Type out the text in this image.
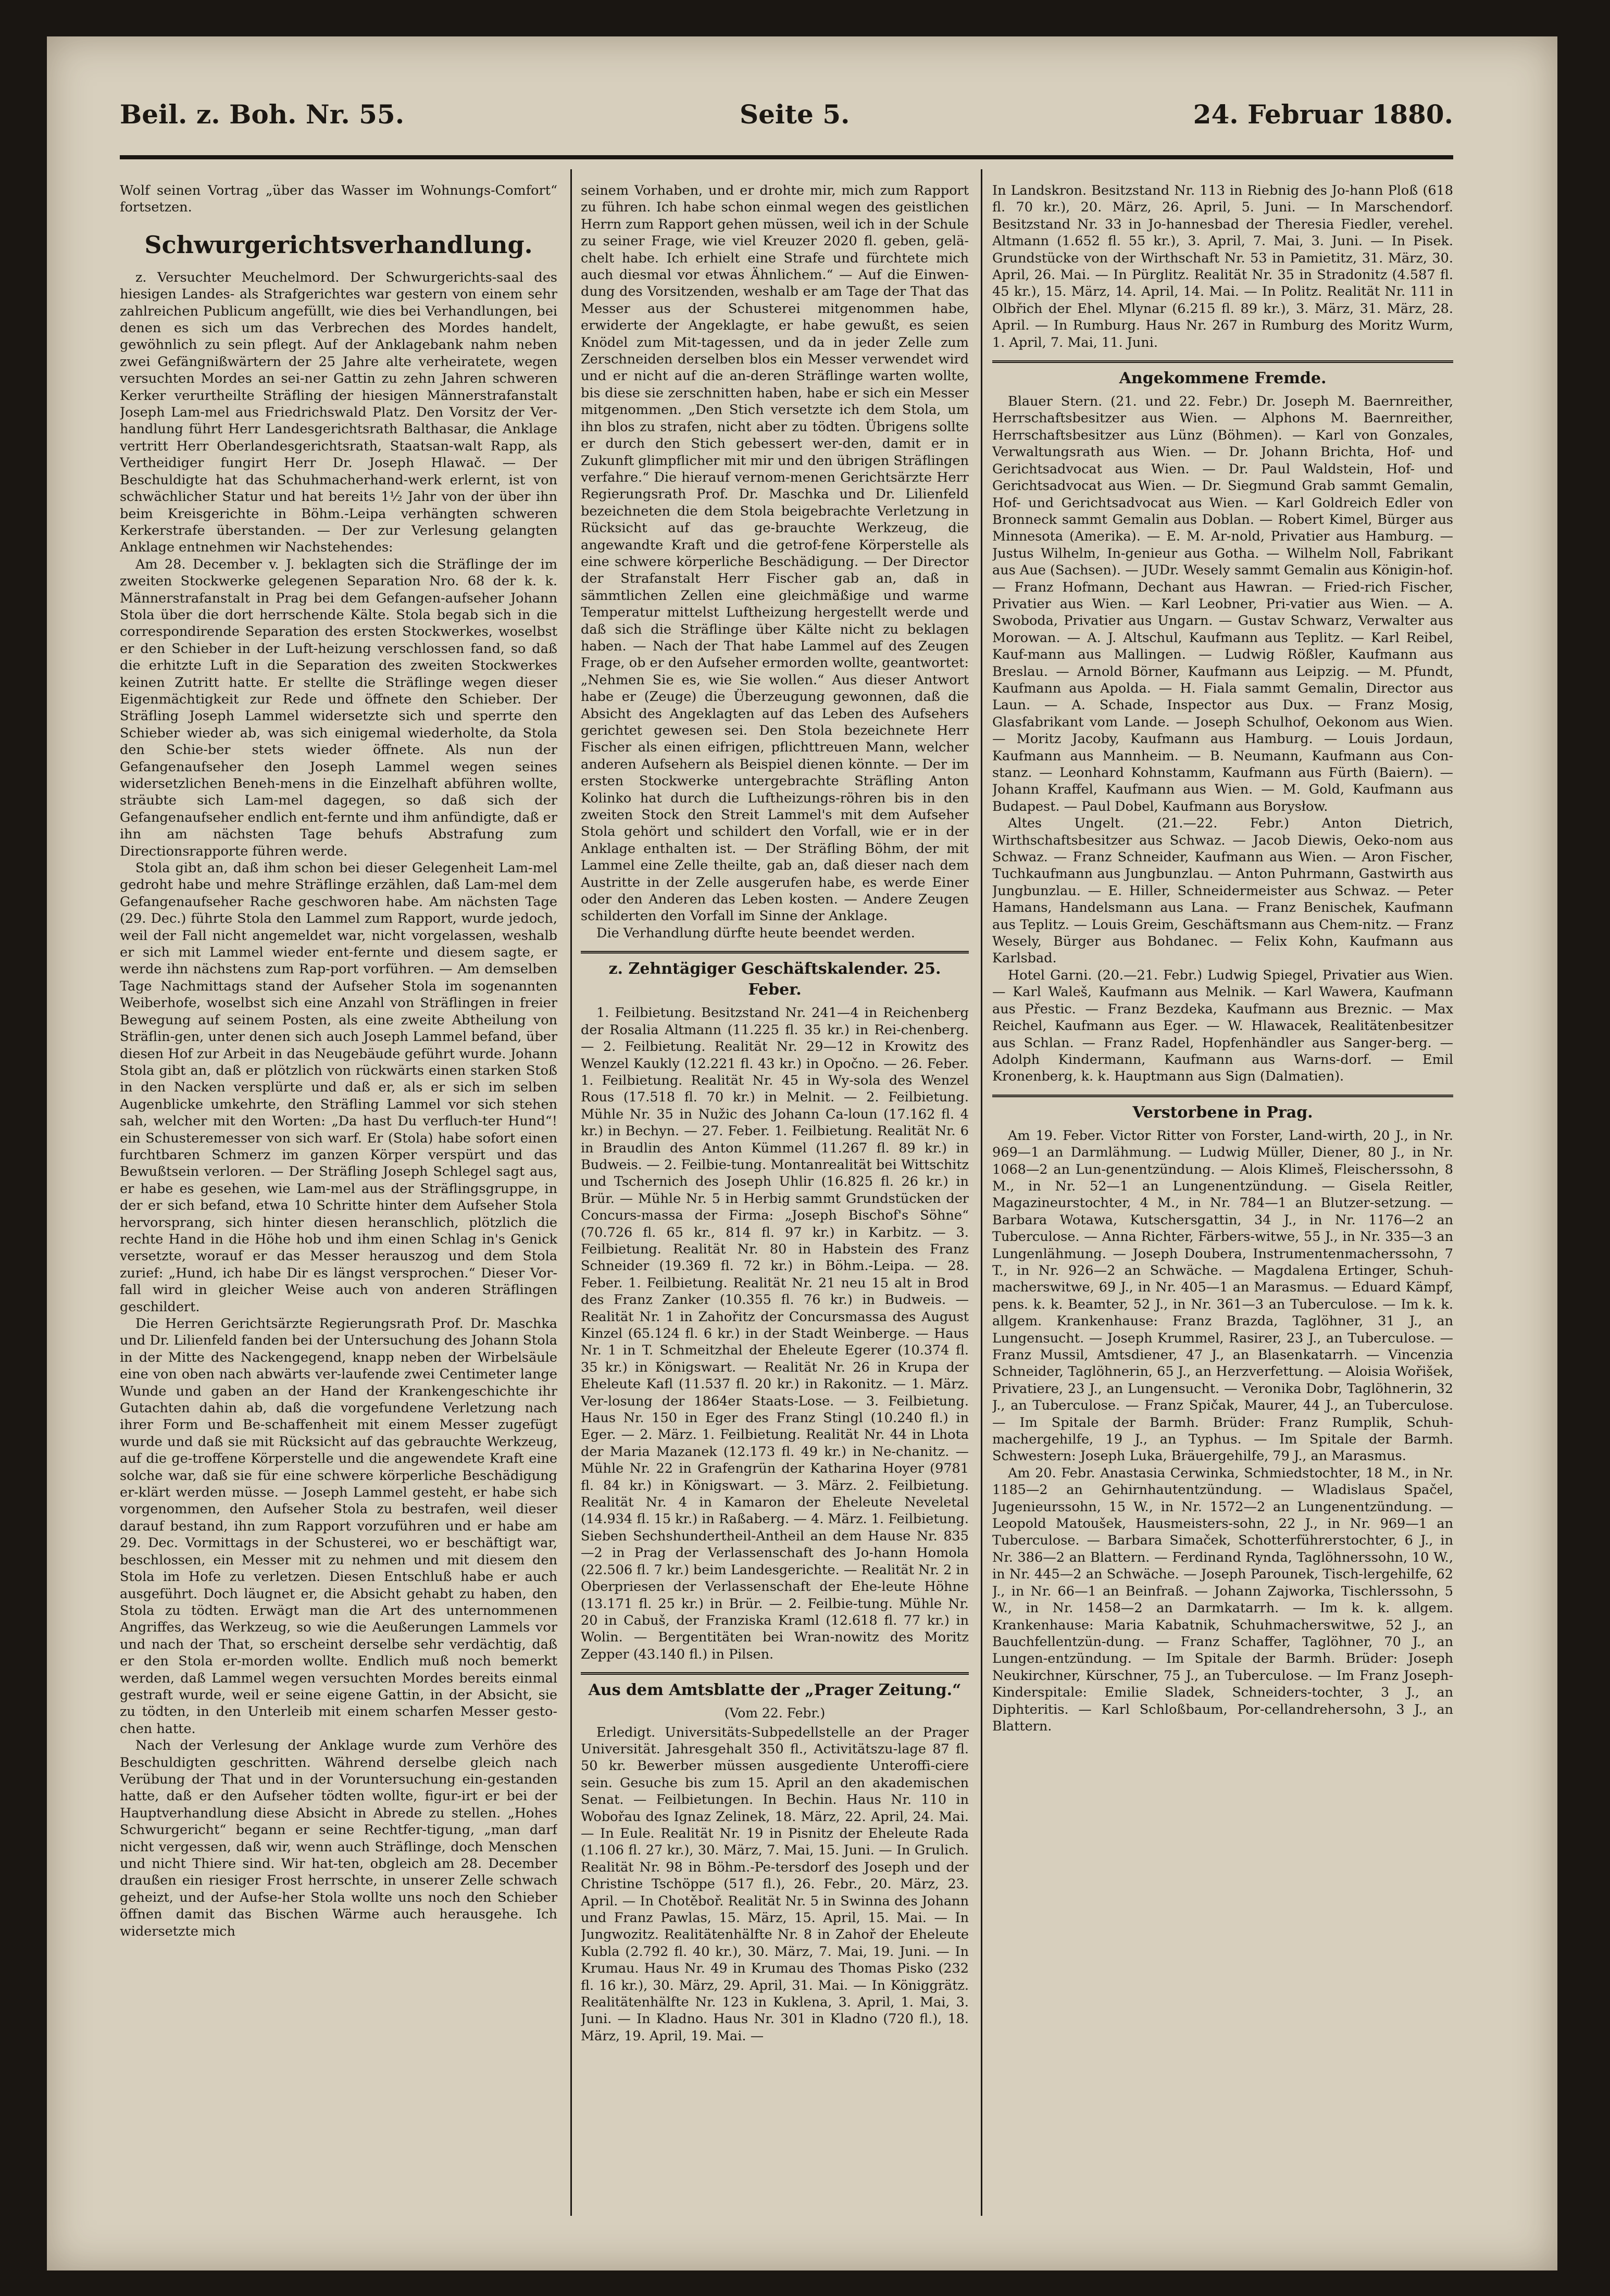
Beil. z. Boh. Nr. 55.	Seite 5.	24. Februar 1880.

Wolf seinen Vortrag „über das Wasser im Wohnungs-Comfort“ fortsetzen.

Schwurgerichtsverhandlung.

z. Versuchter Meuchelmord. Der Schwurgerichts-saal des hiesigen Landes- als Strafgerichtes war gestern von einem sehr zahlreichen Publicum angefüllt, wie dies bei Verhandlungen, bei denen es sich um das Verbrechen des Mordes handelt, gewöhnlich zu sein pflegt. Auf der Anklagebank nahm neben zwei Gefängnißwärtern der 25 Jahre alte verheiratete, wegen versuchten Mordes an sei-ner Gattin zu zehn Jahren schweren Kerker verurtheilte Sträfling der hiesigen Männerstrafanstalt Joseph Lam-mel aus Friedrichswald Platz. Den Vorsitz der Ver-handlung führt Herr Landesgerichtsrath Balthasar, die Anklage vertritt Herr Oberlandesgerichtsrath, Staatsan-walt Rapp, als Vertheidiger fungirt Herr Dr. Joseph Hlawač. — Der Beschuldigte hat das Schuhmacherhand-werk erlernt, ist von schwächlicher Statur und hat bereits 1½ Jahr von der über ihn beim Kreisgerichte in Böhm.-Leipa verhängten schweren Kerkerstrafe überstanden. — Der zur Verlesung gelangten Anklage entnehmen wir Nachstehendes:

Am 28. December v. J. beklagten sich die Sträflinge der im zweiten Stockwerke gelegenen Separation Nro. 68 der k. k. Männerstrafanstalt in Prag bei dem Gefangen-aufseher Johann Stola über die dort herrschende Kälte. Stola begab sich in die correspondirende Separation des ersten Stockwerkes, woselbst er den Schieber in der Luft-heizung verschlossen fand, so daß die erhitzte Luft in die Separation des zweiten Stockwerkes keinen Zutritt hatte. Er stellte die Sträflinge wegen dieser Eigenmächtigkeit zur Rede und öffnete den Schieber. Der Sträfling Joseph Lammel widersetzte sich und sperrte den Schieber wieder ab, was sich einigemal wiederholte, da Stola den Schie-ber stets wieder öffnete. Als nun der Gefangenaufseher den Joseph Lammel wegen seines widersetzlichen Beneh-mens in die Einzelhaft abführen wollte, sträubte sich Lam-mel dagegen, so daß sich der Gefangenaufseher endlich ent-fernte und ihm anfündigte, daß er ihn am nächsten Tage behufs Abstrafung zum Directionsrapporte führen werde.

Stola gibt an, daß ihm schon bei dieser Gelegenheit Lam-mel gedroht habe und mehre Sträflinge erzählen, daß Lam-mel dem Gefangenaufseher Rache geschworen habe. Am nächsten Tage (29. Dec.) führte Stola den Lammel zum Rapport, wurde jedoch, weil der Fall nicht angemeldet war, nicht vorgelassen, weshalb er sich mit Lammel wieder ent-fernte und diesem sagte, er werde ihn nächstens zum Rap-port vorführen. — Am demselben Tage Nachmittags stand der Aufseher Stola im sogenannten Weiberhofe, woselbst sich eine Anzahl von Sträflingen in freier Bewegung auf seinem Posten, als eine zweite Abtheilung von Sträflin-gen, unter denen sich auch Joseph Lammel befand, über diesen Hof zur Arbeit in das Neugebäude geführt wurde. Johann Stola gibt an, daß er plötzlich von rückwärts einen starken Stoß in den Nacken versplürte und daß er, als er sich im selben Augenblicke umkehrte, den Sträfling Lammel vor sich stehen sah, welcher mit den Worten: „Da hast Du verfluch-ter Hund“! ein Schusteremesser von sich warf. Er (Stola) habe sofort einen furchtbaren Schmerz im ganzen Körper verspürt und das Bewußtsein verloren. — Der Sträfling Joseph Schlegel sagt aus, er habe es gesehen, wie Lam-mel aus der Sträflingsgruppe, in der er sich befand, etwa 10 Schritte hinter dem Aufseher Stola hervorsprang, sich hinter diesen heranschlich, plötzlich die rechte Hand in die Höhe hob und ihm einen Schlag in's Genick versetzte, worauf er das Messer herauszog und dem Stola zurief: „Hund, ich habe Dir es längst versprochen.“ Dieser Vor-fall wird in gleicher Weise auch von anderen Sträflingen geschildert.

Die Herren Gerichtsärzte Regierungsrath Prof. Dr. Maschka und Dr. Lilienfeld fanden bei der Untersuchung des Johann Stola in der Mitte des Nackengegend, knapp neben der Wirbelsäule eine von oben nach abwärts ver-laufende zwei Centimeter lange Wunde und gaben an der Hand der Krankengeschichte ihr Gutachten dahin ab, daß die vorgefundene Verletzung nach ihrer Form und Be-schaffenheit mit einem Messer zugefügt wurde und daß sie mit Rücksicht auf das gebrauchte Werkzeug, auf die ge-troffene Körperstelle und die angewendete Kraft eine solche war, daß sie für eine schwere körperliche Beschädigung er-klärt werden müsse. — Joseph Lammel gesteht, er habe sich vorgenommen, den Aufseher Stola zu bestrafen, weil dieser darauf bestand, ihn zum Rapport vorzuführen und er habe am 29. Dec. Vormittags in der Schusterei, wo er beschäftigt war, beschlossen, ein Messer mit zu nehmen und mit diesem den Stola im Hofe zu verletzen. Diesen Entschluß habe er auch ausgeführt. Doch läugnet er, die Absicht gehabt zu haben, den Stola zu tödten. Erwägt man die Art des unternommenen Angriffes, das Werkzeug, so wie die Aeußerungen Lammels vor und nach der That, so erscheint derselbe sehr verdächtig, daß er den Stola er-morden wollte. Endlich muß noch bemerkt werden, daß Lammel wegen versuchten Mordes bereits einmal gestraft wurde, weil er seine eigene Gattin, in der Absicht, sie zu tödten, in den Unterleib mit einem scharfen Messer gesto-chen hatte.

Nach der Verlesung der Anklage wurde zum Verhöre des Beschuldigten geschritten. Während derselbe gleich nach Verübung der That und in der Voruntersuchung ein-gestanden hatte, daß er den Aufseher tödten wollte, figur-irt er bei der Hauptverhandlung diese Absicht in Abrede zu stellen. „Hohes Schwurgericht“ begann er seine Rechtfer-tigung, „man darf nicht vergessen, daß wir, wenn auch Sträflinge, doch Menschen und nicht Thiere sind. Wir hat-ten, obgleich am 28. December draußen ein riesiger Frost herrschte, in unserer Zelle schwach geheizt, und der Aufse-her Stola wollte uns noch den Schieber öffnen damit das Bischen Wärme auch herausgehe. Ich widersetzte mich

seinem Vorhaben, und er drohte mir, mich zum Rapport zu führen. Ich habe schon einmal wegen des geistlichen Herrn zum Rapport gehen müssen, weil ich in der Schule zu seiner Frage, wie viel Kreuzer 2020 fl. geben, gelä-chelt habe. Ich erhielt eine Strafe und fürchtete mich auch diesmal vor etwas Ähnlichem.“ — Auf die Einwen-dung des Vorsitzenden, weshalb er am Tage der That das Messer aus der Schusterei mitgenommen habe, erwiderte der Angeklagte, er habe gewußt, es seien Knödel zum Mit-tagessen, und da in jeder Zelle zum Zerschneiden derselben blos ein Messer verwendet wird und er nicht auf die an-deren Sträflinge warten wollte, bis diese sie zerschnitten haben, habe er sich ein Messer mitgenommen. „Den Stich versetzte ich dem Stola, um ihn blos zu strafen, nicht aber zu tödten. Übrigens sollte er durch den Stich gebessert wer-den, damit er in Zukunft glimpflicher mit mir und den übrigen Sträflingen verfahre.“ Die hierauf vernom-menen Gerichtsärzte Herr Regierungsrath Prof. Dr. Maschka und Dr. Lilienfeld bezeichneten die dem Stola beigebrachte Verletzung in Rücksicht auf das ge-brauchte Werkzeug, die angewandte Kraft und die getrof-fene Körperstelle als eine schwere körperliche Beschädigung. — Der Director der Strafanstalt Herr Fischer gab an, daß in sämmtlichen Zellen eine gleichmäßige und warme Temperatur mittelst Luftheizung hergestellt werde und daß sich die Sträflinge über Kälte nicht zu beklagen haben. — Nach der That habe Lammel auf des Zeugen Frage, ob er den Aufseher ermorden wollte, geantwortet: „Nehmen Sie es, wie Sie wollen.“ Aus dieser Antwort habe er (Zeuge) die Überzeugung gewonnen, daß die Absicht des Angeklagten auf das Leben des Aufsehers gerichtet gewesen sei. Den Stola bezeichnete Herr Fischer als einen eifrigen, pflichttreuen Mann, welcher anderen Aufsehern als Beispiel dienen könnte. — Der im ersten Stockwerke untergebrachte Sträfling Anton Kolinko hat durch die Luftheizungs-röhren bis in den zweiten Stock den Streit Lammel's mit dem Aufseher Stola gehört und schildert den Vorfall, wie er in der Anklage enthalten ist. — Der Sträfling Böhm, der mit Lammel eine Zelle theilte, gab an, daß dieser nach dem Austritte in der Zelle ausgerufen habe, es werde Einer oder den Anderen das Leben kosten. — Andere Zeugen schilderten den Vorfall im Sinne der Anklage.

Die Verhandlung dürfte heute beendet werden.

z. Zehntägiger Geschäftskalender. 25. Feber.

1. Feilbietung. Besitzstand Nr. 241—4 in Reichenberg der Rosalia Altmann (11.225 fl. 35 kr.) in Rei-chenberg. — 2. Feilbietung. Realität Nr. 29—12 in Krowitz des Wenzel Kaukly (12.221 fl. 43 kr.) in Opočno. — 26. Feber. 1. Feilbietung. Realität Nr. 45 in Wy-sola des Wenzel Rous (17.518 fl. 70 kr.) in Melnit. — 2. Feilbietung. Mühle Nr. 35 in Nužic des Johann Ca-loun (17.162 fl. 4 kr.) in Bechyn. — 27. Feber. 1. Feilbietung. Realität Nr. 6 in Braudlin des Anton Kümmel (11.267 fl. 89 kr.) in Budweis. — 2. Feilbie-tung. Montanrealität bei Wittschitz und Tschernich des Joseph Uhlir (16.825 fl. 26 kr.) in Brür. — Mühle Nr. 5 in Herbig sammt Grundstücken der Concurs-massa der Firma: „Joseph Bischof's Söhne“ (70.726 fl. 65 kr., 814 fl. 97 kr.) in Karbitz. — 3. Feilbietung. Realität Nr. 80 in Habstein des Franz Schneider (19.369 fl. 72 kr.) in Böhm.-Leipa. — 28. Feber. 1. Feilbietung. Realität Nr. 21 neu 15 alt in Brod des Franz Zanker (10.355 fl. 76 kr.) in Budweis. — Realität Nr. 1 in Zahořitz der Concursmassa des August Kinzel (65.124 fl. 6 kr.) in der Stadt Weinberge. — Haus Nr. 1 in T. Schmeitzhal der Eheleute Egerer (10.374 fl. 35 kr.) in Königswart. — Realität Nr. 26 in Krupa der Eheleute Kafl (11.537 fl. 20 kr.) in Rakonitz. — 1. März. Ver-losung der 1864er Staats-Lose. — 3. Feilbietung. Haus Nr. 150 in Eger des Franz Stingl (10.240 fl.) in Eger. — 2. März. 1. Feilbietung. Realität Nr. 44 in Lhota der Maria Mazanek (12.173 fl. 49 kr.) in Ne-chanitz. — Mühle Nr. 22 in Grafengrün der Katharina Hoyer (9781 fl. 84 kr.) in Königswart. — 3. März. 2. Feilbietung. Realität Nr. 4 in Kamaron der Eheleute Neveletal (14.934 fl. 15 kr.) in Raßaberg. — 4. März. 1. Feilbietung. Sieben Sechshundertheil-Antheil an dem Hause Nr. 835—2 in Prag der Verlassenschaft des Jo-hann Homola (22.506 fl. 7 kr.) beim Landesgerichte. — Realität Nr. 2 in Oberpriesen der Verlassenschaft der Ehe-leute Höhne (13.171 fl. 25 kr.) in Brür. — 2. Feilbie-tung. Mühle Nr. 20 in Cabuš, der Franziska Kraml (12.618 fl. 77 kr.) in Wolin. — Bergentitäten bei Wran-nowitz des Moritz Zepper (43.140 fl.) in Pilsen.

Aus dem Amtsblatte der „Prager Zeitung.“
(Vom 22. Febr.)

Erledigt. Universitäts-Subpedellstelle an der Prager Universität. Jahresgehalt 350 fl., Activitätszu-lage 87 fl. 50 kr. Bewerber müssen ausgediente Unteroffi-ciere sein. Gesuche bis zum 15. April an den akademischen Senat. — Feilbietungen. In Bechin. Haus Nr. 110 in Wobořau des Ignaz Zelinek, 18. März, 22. April, 24. Mai. — In Eule. Realität Nr. 19 in Pisnitz der Eheleute Rada (1.106 fl. 27 kr.), 30. März, 7. Mai, 15. Juni. — In Grulich. Realität Nr. 98 in Böhm.-Pe-tersdorf des Joseph und der Christine Tschöppe (517 fl.), 26. Febr., 20. März, 23. April. — In Chotěboř. Realität Nr. 5 in Swinna des Johann und Franz Pawlas, 15. März, 15. April, 15. Mai. — In Jungwozitz. Realitätenhälfte Nr. 8 in Zahoř der Eheleute Kubla (2.792 fl. 40 kr.), 30. März, 7. Mai, 19. Juni. — In Krumau. Haus Nr. 49 in Krumau des Thomas Pisko (232 fl. 16 kr.), 30. März, 29. April, 31. Mai. — In Königgrätz. Realitätenhälfte Nr. 123 in Kuklena, 3. April, 1. Mai, 3. Juni. — In Kladno. Haus Nr. 301 in Kladno (720 fl.), 18. März, 19. April, 19. Mai. —

In Landskron. Besitzstand Nr. 113 in Riebnig des Jo-hann Ploß (618 fl. 70 kr.), 20. März, 26. April, 5. Juni. — In Marschendorf. Besitzstand Nr. 33 in Jo-hannesbad der Theresia Fiedler, verehel. Altmann (1.652 fl. 55 kr.), 3. April, 7. Mai, 3. Juni. — In Pisek. Grundstücke von der Wirthschaft Nr. 53 in Pamietitz, 31. März, 30. April, 26. Mai. — In Pürglitz. Realität Nr. 35 in Stradonitz (4.587 fl. 45 kr.), 15. März, 14. April, 14. Mai. — In Politz. Realität Nr. 111 in Olbřich der Ehel. Mlynar (6.215 fl. 89 kr.), 3. März, 31. März, 28. April. — In Rumburg. Haus Nr. 267 in Rumburg des Moritz Wurm, 1. April, 7. Mai, 11. Juni.

Angekommene Fremde.

Blauer Stern. (21. und 22. Febr.) Dr. Joseph M. Baernreither, Herrschaftsbesitzer aus Wien. — Alphons M. Baernreither, Herrschaftsbesitzer aus Lünz (Böhmen). — Karl von Gonzales, Verwaltungsrath aus Wien. — Dr. Johann Brichta, Hof- und Gerichtsadvocat aus Wien. — Dr. Paul Waldstein, Hof- und Gerichtsadvocat aus Wien. — Dr. Siegmund Grab sammt Gemalin, Hof- und Gerichtsadvocat aus Wien. — Karl Goldreich Edler von Bronneck sammt Gemalin aus Doblan. — Robert Kimel, Bürger aus Minnesota (Amerika). — E. M. Ar-nold, Privatier aus Hamburg. — Justus Wilhelm, In-genieur aus Gotha. — Wilhelm Noll, Fabrikant aus Aue (Sachsen). — JUDr. Wesely sammt Gemalin aus Königin-hof. — Franz Hofmann, Dechant aus Hawran. — Fried-rich Fischer, Privatier aus Wien. — Karl Leobner, Pri-vatier aus Wien. — A. Swoboda, Privatier aus Ungarn. — Gustav Schwarz, Verwalter aus Morowan. — A. J. Altschul, Kaufmann aus Teplitz. — Karl Reibel, Kauf-mann aus Mallingen. — Ludwig Rößler, Kaufmann aus Breslau. — Arnold Börner, Kaufmann aus Leipzig. — M. Pfundt, Kaufmann aus Apolda. — H. Fiala sammt Gemalin, Director aus Laun. — A. Schade, Inspector aus Dux. — Franz Mosig, Glasfabrikant vom Lande. — Joseph Schulhof, Oekonom aus Wien. — Moritz Jacoby, Kaufmann aus Hamburg. — Louis Jordaun, Kaufmann aus Mannheim. — B. Neumann, Kaufmann aus Con-stanz. — Leonhard Kohnstamm, Kaufmann aus Fürth (Baiern). — Johann Kraffel, Kaufmann aus Wien. — M. Gold, Kaufmann aus Budapest. — Paul Dobel, Kaufmann aus Borysłow.

Altes Ungelt. (21.—22. Febr.) Anton Dietrich, Wirthschaftsbesitzer aus Schwaz. — Jacob Diewis, Oeko-nom aus Schwaz. — Franz Schneider, Kaufmann aus Wien. — Aron Fischer, Tuchkaufmann aus Jungbunzlau. — Anton Puhrmann, Gastwirth aus Jungbunzlau. — E. Hiller, Schneidermeister aus Schwaz. — Peter Hamans, Handelsmann aus Lana. — Franz Benischek, Kaufmann aus Teplitz. — Louis Greim, Geschäftsmann aus Chem-nitz. — Franz Wesely, Bürger aus Bohdanec. — Felix Kohn, Kaufmann aus Karlsbad.

Hotel Garni. (20.—21. Febr.) Ludwig Spiegel, Privatier aus Wien. — Karl Waleš, Kaufmann aus Melnik. — Karl Wawera, Kaufmann aus Přestic. — Franz Bezdeka, Kaufmann aus Breznic. — Max Reichel, Kaufmann aus Eger. — W. Hlawacek, Realitätenbesitzer aus Schlan. — Franz Radel, Hopfenhändler aus Sanger-berg. — Adolph Kindermann, Kaufmann aus Warns-dorf. — Emil Kronenberg, k. k. Hauptmann aus Sign (Dalmatien).

Verstorbene in Prag.

Am 19. Feber. Victor Ritter von Forster, Land-wirth, 20 J., in Nr. 969—1 an Darmlähmung. — Ludwig Müller, Diener, 80 J., in Nr. 1068—2 an Lun-genentzündung. — Alois Klimeš, Fleischerssohn, 8 M., in Nr. 52—1 an Lungenentzündung. — Gisela Reitler, Magazineurstochter, 4 M., in Nr. 784—1 an Blutzer-setzung. — Barbara Wotawa, Kutschersgattin, 34 J., in Nr. 1176—2 an Tuberculose. — Anna Richter, Färbers-witwe, 55 J., in Nr. 335—3 an Lungenlähmung. — Joseph Doubera, Instrumentenmacherssohn, 7 T., in Nr. 926—2 an Schwäche. — Magdalena Ertinger, Schuh-macherswitwe, 69 J., in Nr. 405—1 an Marasmus. — Eduard Kämpf, pens. k. k. Beamter, 52 J., in Nr. 361—3 an Tuberculose. — Im k. k. allgem. Krankenhause: Franz Brazda, Taglöhner, 31 J., an Lungensucht. — Joseph Krummel, Rasirer, 23 J., an Tuberculose. — Franz Mussil, Amtsdiener, 47 J., an Blasenkatarrh. — Vincenzia Schneider, Taglöhnerin, 65 J., an Herzverfettung. — Aloisia Wořišek, Privatiere, 23 J., an Lungensucht. — Veronika Dobr, Taglöhnerin, 32 J., an Tuberculose. — Franz Spičak, Maurer, 44 J., an Tuberculose. — Im Spitale der Barmh. Brüder: Franz Rumplik, Schuh-machergehilfe, 19 J., an Typhus. — Im Spitale der Barmh. Schwestern: Joseph Luka, Bräuergehilfe, 79 J., an Marasmus.

Am 20. Febr. Anastasia Cerwinka, Schmiedstochter, 18 M., in Nr. 1185—2 an Gehirnhautentzündung. — Wladislaus Spačel, Jugenieurssohn, 15 W., in Nr. 1572—2 an Lungenentzündung. — Leopold Matoušek, Hausmeisters-sohn, 22 J., in Nr. 969—1 an Tuberculose. — Barbara Simaček, Schotterführerstochter, 6 J., in Nr. 386—2 an Blattern. — Ferdinand Rynda, Taglöhnerssohn, 10 W., in Nr. 445—2 an Schwäche. — Joseph Parounek, Tisch-lergehilfe, 62 J., in Nr. 66—1 an Beinfraß. — Johann Zajworka, Tischlerssohn, 5 W., in Nr. 1458—2 an Darmkatarrh. — Im k. k. allgem. Krankenhause: Maria Kabatnik, Schuhmacherswitwe, 52 J., an Bauchfellentzün-dung. — Franz Schaffer, Taglöhner, 70 J., an Lungen-entzündung. — Im Spitale der Barmh. Brüder: Joseph Neukirchner, Kürschner, 75 J., an Tuberculose. — Im Franz Joseph-Kinderspitale: Emilie Sladek, Schneiders-tochter, 3 J., an Diphteritis. — Karl Schloßbaum, Por-cellandrehersohn, 3 J., an Blattern.
